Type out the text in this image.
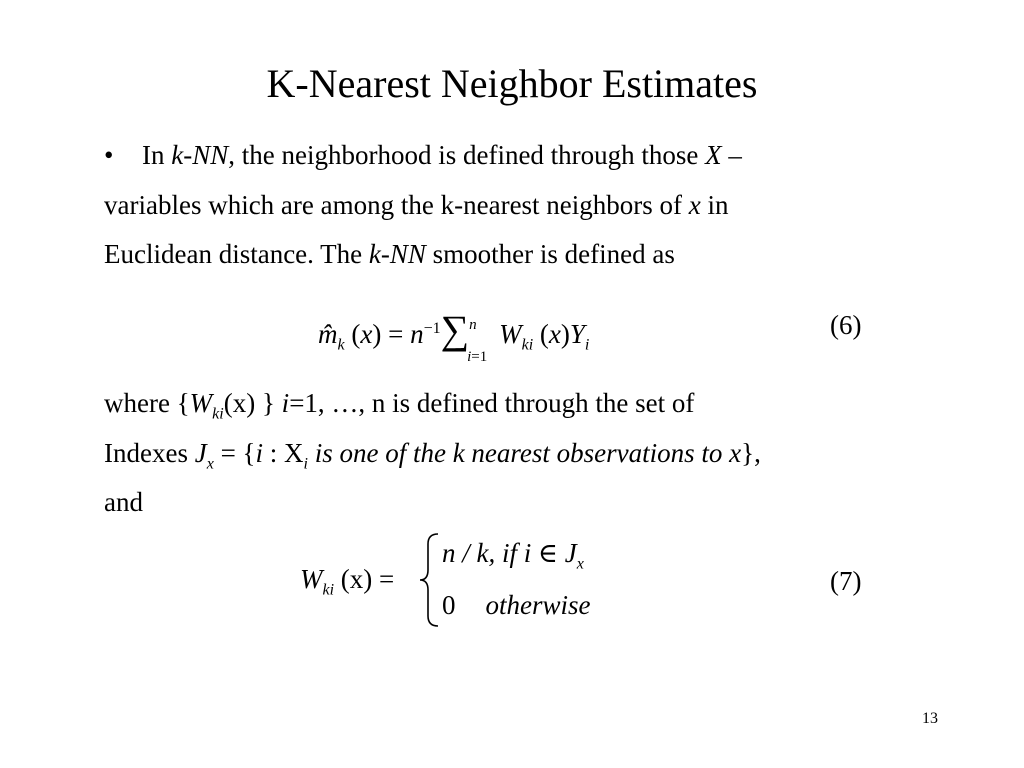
K-Nearest Neighbor Estimates
• In k-NN, the neighborhood is defined through those X –
variables which are among the k-nearest neighbors of x in
Euclidean distance. The k-NN smoother is defined as
$m̂_k$ $(x) = n^{-1}\sum$ n
i=1
$W_{ki}$ $(x)Y_i$
(6)
where {$W_{ki}(x)$ } i=1, …, n is defined through the set of
Indexes $J_x = \{i$ : $X_i$ is one of the k nearest observations to x},
and
$W_{ki}$ (x) =
n / k, if i ∈ $J_x$
0 otherwise
(7)
13
